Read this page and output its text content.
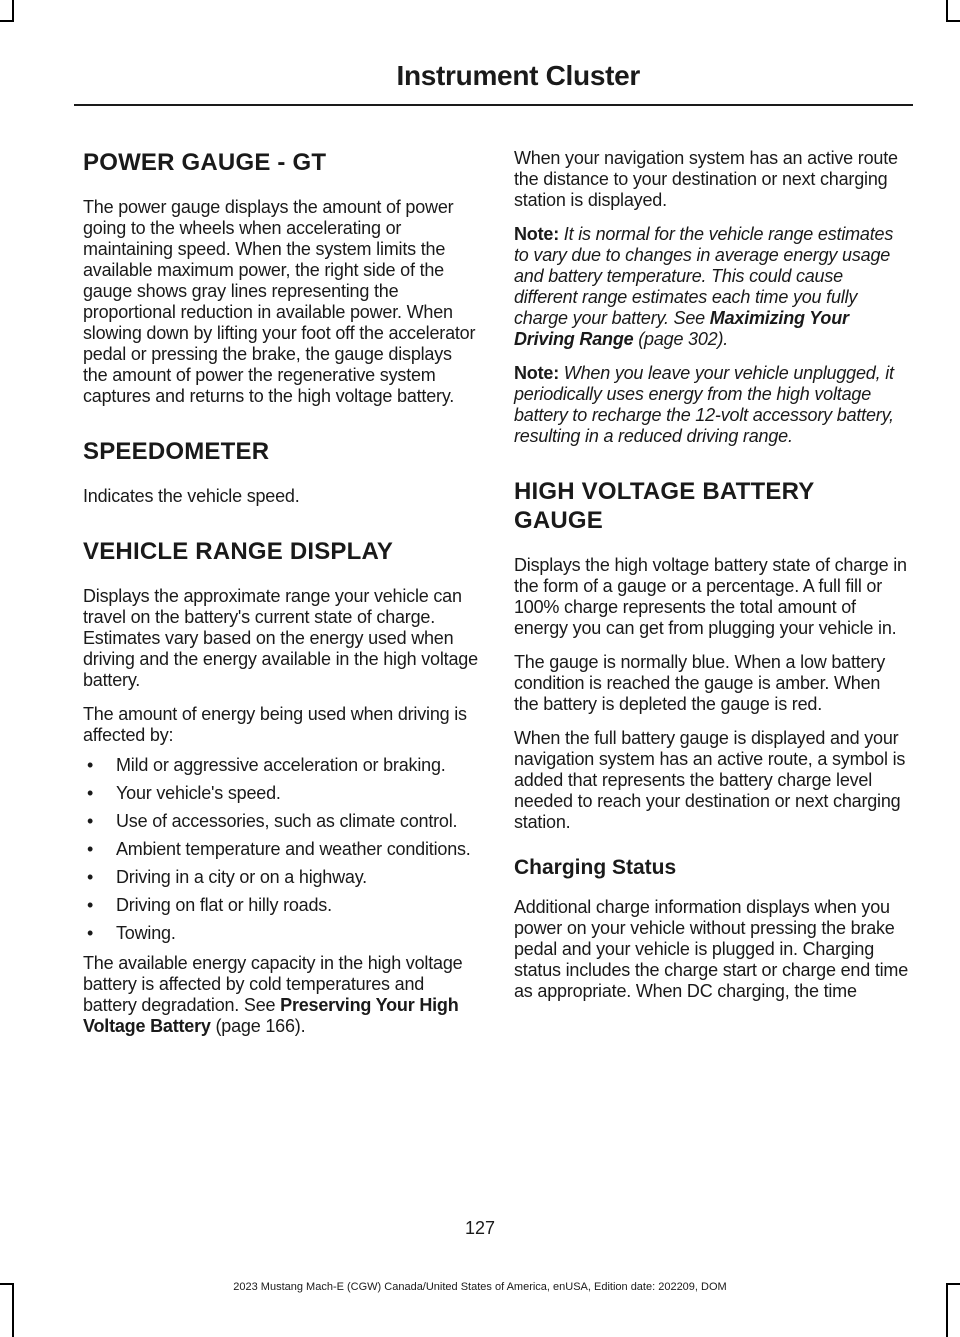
Instrument Cluster
POWER GAUGE - GT

The power gauge displays the amount of power going to the wheels when accelerating or maintaining speed. When the system limits the available maximum power, the right side of the gauge shows gray lines representing the proportional reduction in available power. When slowing down by lifting your foot off the accelerator pedal or pressing the brake, the gauge displays the amount of power the regenerative system captures and returns to the high voltage battery.

SPEEDOMETER

Indicates the vehicle speed.

VEHICLE RANGE DISPLAY

Displays the approximate range your vehicle can travel on the battery's current state of charge. Estimates vary based on the energy used when driving and the energy available in the high voltage battery.

The amount of energy being used when driving is affected by:

• Mild or aggressive acceleration or braking.
• Your vehicle's speed.
• Use of accessories, such as climate control.
• Ambient temperature and weather conditions.
• Driving in a city or on a highway.
• Driving on flat or hilly roads.
• Towing.

The available energy capacity in the high voltage battery is affected by cold temperatures and battery degradation. See Preserving Your High Voltage Battery (page 166).

When your navigation system has an active route the distance to your destination or next charging station is displayed.

Note: It is normal for the vehicle range estimates to vary due to changes in average energy usage and battery temperature. This could cause different range estimates each time you fully charge your battery. See Maximizing Your Driving Range (page 302).

Note: When you leave your vehicle unplugged, it periodically uses energy from the high voltage battery to recharge the 12-volt accessory battery, resulting in a reduced driving range.

HIGH VOLTAGE BATTERY
GAUGE

Displays the high voltage battery state of charge in the form of a gauge or a percentage. A full fill or 100% charge represents the total amount of energy you can get from plugging your vehicle in.

The gauge is normally blue. When a low battery condition is reached the gauge is amber. When the battery is depleted the gauge is red.

When the full battery gauge is displayed and your navigation system has an active route, a symbol is added that represents the battery charge level needed to reach your destination or next charging station.

Charging Status

Additional charge information displays when you power on your vehicle without pressing the brake pedal and your vehicle is plugged in. Charging status includes the charge start or charge end time as appropriate. When DC charging, the time

127
2023 Mustang Mach-E (CGW) Canada/United States of America, enUSA, Edition date: 202209, DOM
